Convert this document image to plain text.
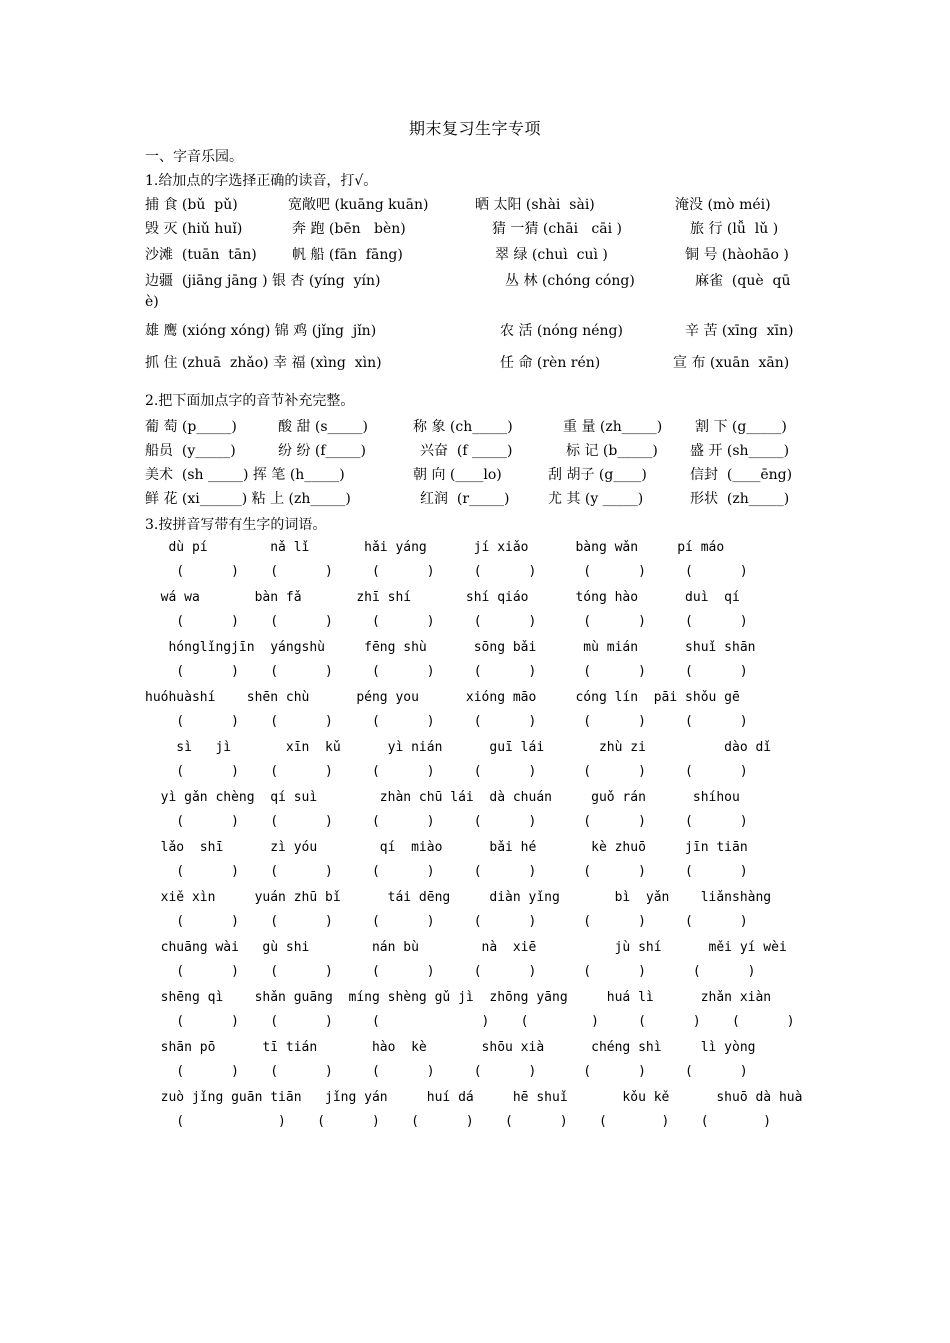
期末复习生字专项
一、字音乐园。
1.给加点的字选择正确的读音，打√。
捕 食 (bǔ  pǔ)	宽敞吧 (kuāng kuān)	晒 太阳 (shài  sài)	淹没 (mò méi)
毁 灭 (hiǔ huǐ)	奔 跑 (bēn   bèn)	猜 一猜 (chāi   cāi )	旅 行 (lǚ  lǔ )
沙滩  (tuān  tān)	帆 船 (fān  fāng)	翠 绿 (chuì  cuì )	铜 号 (hàohāo )
边疆  (jiāng jāng ) 银 杏 (yíng  yín)	丛 林 (chóng cóng)	麻雀  (què  qū
è)
雄 鹰 (xióng xóng) 锦 鸡 (jǐng  jǐn)	农 活 (nóng néng)	辛 苦 (xīng  xīn)
抓 住 (zhuā  zhǎo) 幸 福 (xìng  xìn)	任 命 (rèn rén)	宣 布 (xuān  xān)
2.把下面加点字的音节补充完整。
葡 萄 (p_____)	酸 甜 (s_____)	称 象 (ch_____)	重 量 (zh_____) 割 下 (g_____)
船员  (y_____)	纷 纷 (f_____)	兴奋  (f _____)	标 记 (b_____) 盛 开 (sh_____)
美术  (sh _____) 挥 笔 (h_____)	朝 向 (____lo)	刮 胡子 (g____)	信封  (____ēng)
鲜 花 (xi______) 粘 上 (zh_____)	红润  (r_____)	尤 其 (y _____)	形状  (zh_____)
3.按拼音写带有生字的词语。
dù pí        nǎ lǐ       hǎi yáng      jí xiǎo      bàng wǎn     pí máo
(      )    (      )     (      )     (      )      (      )     (      )
wá wa       bàn fǎ       zhī shí       shí qiáo      tóng hào      duì  qí
(      )    (      )     (      )     (      )      (      )     (      )
hónglǐngjīn  yángshù     fēng shù      sōng bǎi      mù mián      shuǐ shān
(      )    (      )     (      )     (      )      (      )     (      )
huóhuàshí    shēn chù      péng you      xióng māo     cóng lín  pāi shǒu gē
(      )    (      )     (      )     (      )      (      )     (      )
sì   jì       xīn  kǔ      yì nián      guī lái       zhù zi          dào dǐ
(      )    (      )     (      )     (      )      (      )     (      )
yì gǎn chèng  qí suì        zhàn chū lái  dà chuán     guǒ rán      shíhou
(      )    (      )     (      )     (      )      (      )     (      )
lǎo  shī      zì yóu        qí  miào      bǎi hé       kè zhuō     jīn tiān
(      )    (      )     (      )     (      )      (      )     (      )
xiě xìn     yuán zhū bǐ      tái dēng     diàn yǐng       bì  yǎn    liǎnshàng
(      )    (      )     (      )     (      )      (      )     (      )
chuāng wài   gù shi        nán bù        nà  xiē          jù shí      měi yí wèi
(      )    (      )     (      )     (      )      (      )      (      )
shēng qì    shǎn guāng  míng shèng gǔ jì  zhōng yāng     huá lì      zhǎn xiàn
(      )    (      )     (             )    (        )     (      )    (      )
shān pō      tī tián       hào  kè       shōu xià      chéng shì     lì yòng
(      )    (      )     (      )     (      )      (      )     (      )
zuò jǐng guān tiān   jǐng yán     huí dá     hē shuǐ       kǒu kě      shuō dà huà
(            )    (      )    (      )    (      )    (       )    (       )
